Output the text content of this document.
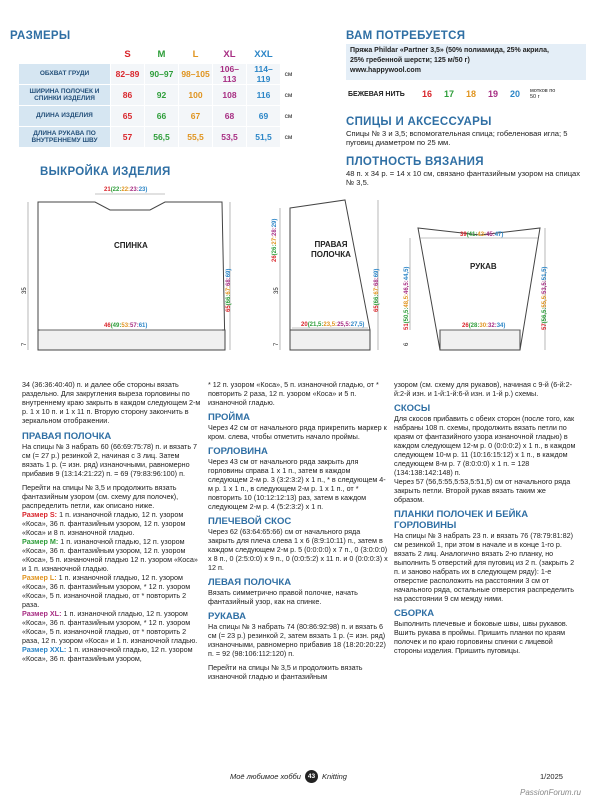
РАЗМЕРЫ
	S	M	L	XL	XXL	
ОБХВАТ ГРУДИ	82–89	90–97	98–105	106–113	114–119	см
ШИРИНА ПОЛОЧЕК И СПИНКИ ИЗДЕЛИЯ	86	92	100	108	116	см
ДЛИНА ИЗДЕЛИЯ	65	66	67	68	69	см
ДЛИНА РУКАВА ПО ВНУТРЕННЕМУ ШВУ	57	56,5	55,5	53,5	51,5	см
ВАМ ПОТРЕБУЕТСЯ
Пряжа Phildar «Partner 3,5» (50% полиамида, 25% акрила,
25% гребенной шерсти; 125 м/50 г)
www.happywool.com
БЕЖЕВАЯ НИТЬ	16	17	18	19	20	мотков по 50 г
СПИЦЫ И АКСЕССУАРЫ
Спицы № 3 и 3,5; вспомогательная спица; гобеленовая игла; 5 пуговиц диаметром по 25 мм.
ПЛОТНОСТЬ ВЯЗАНИЯ
48 п. х 34 р. = 14 х 10 см, связано фантазийным узором на спицах № 3,5.
ВЫКРОЙКА ИЗДЕЛИЯ
СПИНКА	ПРАВАЯ ПОЛОЧКА
РУКАВ
21(22:22:23:23)
46(49:53:57:61)	20(21,5:23,5:25,5:27,5)
39(41:43:45:47)
26(28:30:32:34)
65(66:67:68:69)
26(26:27:28:29)
65(66:67:68:69)
51(50,5:48,5:46,5:44,5)
57(56,5:55,5:53,5:51,5)
35
7
35
7	6
34 (36:36:40:40) п. и далее обе стороны вязать раздельно. Для закругления выреза горловины по внутреннему краю закрыть в каждом следующем 2-м р. 1 х 10 п. и 1 х 11 п. Вторую сторону закончить в зеркальном отображении.
ПРАВАЯ ПОЛОЧКА
На спицы № 3 набрать 60 (66:69:75:78) п. и вязать 7 см (= 27 р.) резинкой 2, начиная с 3 лиц. Затем вязать 1 р. (= изн. ряд) изнаночными, равномерно прибавив 9 (13:14:21:22) п. = 69 (79:83:96:100) п.
Перейти на спицы № 3,5 и продолжить вязать фантазийным узором (см. схему для полочек), распределить петли, как описано ниже.
Размер S: 1 п. изнаночной гладью, 12 п. узором «Коса», 36 п. фантазийным узором, 12 п. узором «Коса» и 8 п. изнаночной гладью.
Размер M: 1 п. изнаночной гладью, 12 п. узором «Коса», 36 п. фантазийным узором, 12 п. узором «Коса», 5 п. изнаночной гладью 12 п. узором «Коса» и 1 п. изнаночной гладью.
Размер L: 1 п. изнаночной гладью, 12 п. узором «Коса», 36 п. фантазийным узором, * 12 п. узором «Коса», 5 п. изнаночной гладью, от * повторить 2 раза.
Размер XL: 1 п. изнаночной гладью, 12 п. узором «Коса», 36 п. фантазийным узором, * 12 п. узором «Коса», 5 п. изнаночной гладью, от * повторить 2 раза, 12 п. узором «Коса» и 1 п. изнаночной гладью.
Размер XXL: 1 п. изнаночной гладью, 12 п. узором «Коса», 36 п. фантазийным узором,
* 12 п. узором «Коса», 5 п. изнаночной гладью, от * повторить 2 раза, 12 п. узором «Коса» и 5 п. изнаночной гладью.
ПРОЙМА
Через 42 см от начального ряда прикрепить маркер к кром. слева, чтобы отметить начало проймы.
ГОРЛОВИНА
Через 43 см от начального ряда закрыть для горловины справа 1 х 1 п., затем в каждом следующем 2-м р. 3 (3:2:3:2) х 1 п., * в следующем 4-м р. 1 х 1 п., в следующем 2-м р. 1 х 1 п., от * повторить 10 (10:12:12:13) раз, затем в каждом следующем 2-м р. 4 (5:2:3:2) х 1 п.
ПЛЕЧЕВОЙ СКОС
Через 62 (63:64:65:66) см от начального ряда закрыть для плеча слева 1 х 6 (8:9:10:11) п., затем в каждом следующем 2-м р. 5 (0:0:0:0) х 7 п., 0 (3:0:0:0) х 8 п., 0 (2:5:0:0) х 9 п., 0 (0:0:5:2) х 11 п. и 0 (0:0:0:3) х 12 п.
ЛЕВАЯ ПОЛОЧКА
Вязать симметрично правой полочке, начать фантазийный узор, как на спинке.
РУКАВА
На спицы № 3 набрать 74 (80:86:92:98) п. и вязать 6 см (= 23 р.) резинкой 2, затем вязать 1 р. (= изн. ряд) изнаночными, равномерно прибавив 18 (18:20:20:22) п. = 92 (98:106:112:120) п.
Перейти на спицы № 3,5 и продолжить вязать изнаночной гладью и фантазийным
узором (см. схему для рукавов), начиная с 9-й (6-й:2-й:2-й изн. и 1-й:1-й:6-й изн. и 1-й р.) схемы.
СКОСЫ
Для скосов прибавить с обеих сторон (после того, как набраны 108 п. схемы, продолжить вязать петли по краям от фантазийного узора изнаночной гладью) в каждом следующем 12-м р. 0 (0:0:0:2) х 1 п., в каждом следующем 10-м р. 11 (10:16:15:12) х 1 п., в каждом следующем 8-м р. 7 (8:0:0:0) х 1 п. = 128 (134:138:142:148) п.
Через 57 (56,5:55,5:53,5:51,5) см от начального ряда закрыть петли. Второй рукав вязать таким же образом.
ПЛАНКИ ПОЛОЧЕК И БЕЙКА ГОРЛОВИНЫ
На спицы № 3 набрать 23 п. и вязать 76 (78:79:81:82) см резинкой 1, при этом в начале и в конце 1-го р. вязать 2 лиц. Аналогично вязать 2-ю планку, но выполнить 5 отверстий для пуговиц из 2 п. (закрыть 2 п. и заново набрать их в следующем ряду): 1-е отверстие расположить на расстоянии 3 см от начального ряда, остальные отверстия распределить на расстоянии 9 см между ними.
СБОРКА
Выполнить плечевые и боковые швы, швы рукавов. Вшить рукава в проймы. Пришить планки по краям полочек и по краю горловины спинки с лицевой стороны изделия. Пришить пуговицы.
Моё любимое хобби	43 Knitting	1/2025
PassionForum.ru
